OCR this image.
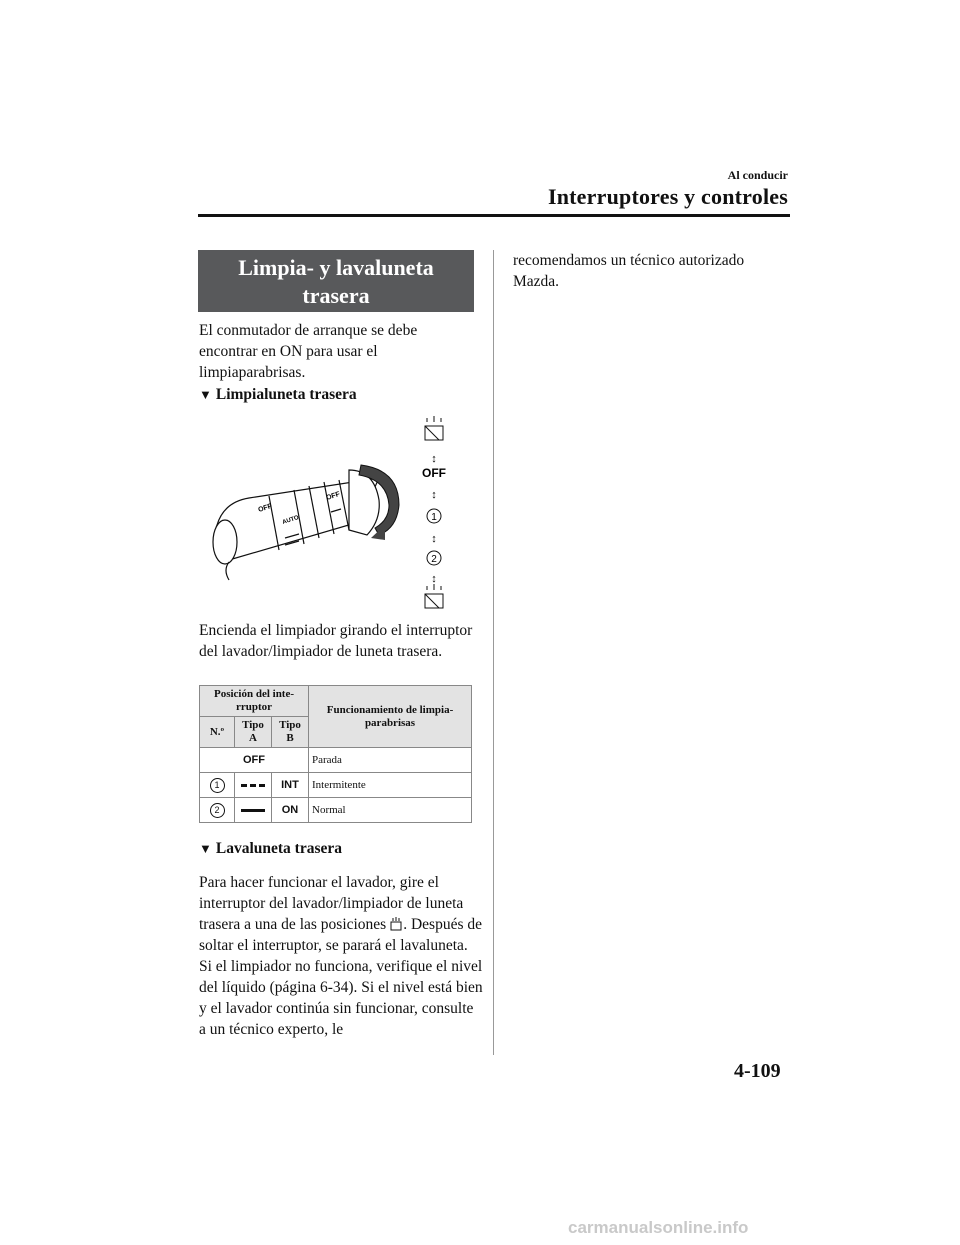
Al conducir
Interruptores y controles
Limpia- y lavaluneta
trasera
El conmutador de arranque se debe encontrar en ON para usar el limpiaparabrisas.
▼ Limpialuneta trasera
OFF
AUTO
OFF
↕
OFF
↕
1
↕
2
↕
Encienda el limpiador girando el interruptor del lavador/limpiador de luneta trasera.
Posición del inte-rruptor			Funcionamiento de limpia-parabrisas
N.º	Tipo A	Tipo B	
OFF			Parada
1		INT	Intermitente
2		ON	Normal
▼ Lavaluneta trasera
Para hacer funcionar el lavador, gire el interruptor del lavador/limpiador de luneta trasera a una de las posiciones . Después de soltar el interruptor, se parará el lavaluneta.
Si el limpiador no funciona, verifique el nivel del líquido (página 6-34). Si el nivel está bien y el lavador continúa sin funcionar, consulte a un técnico experto, le
recomendamos un técnico autorizado Mazda.
4-109
carmanualsonline.info
